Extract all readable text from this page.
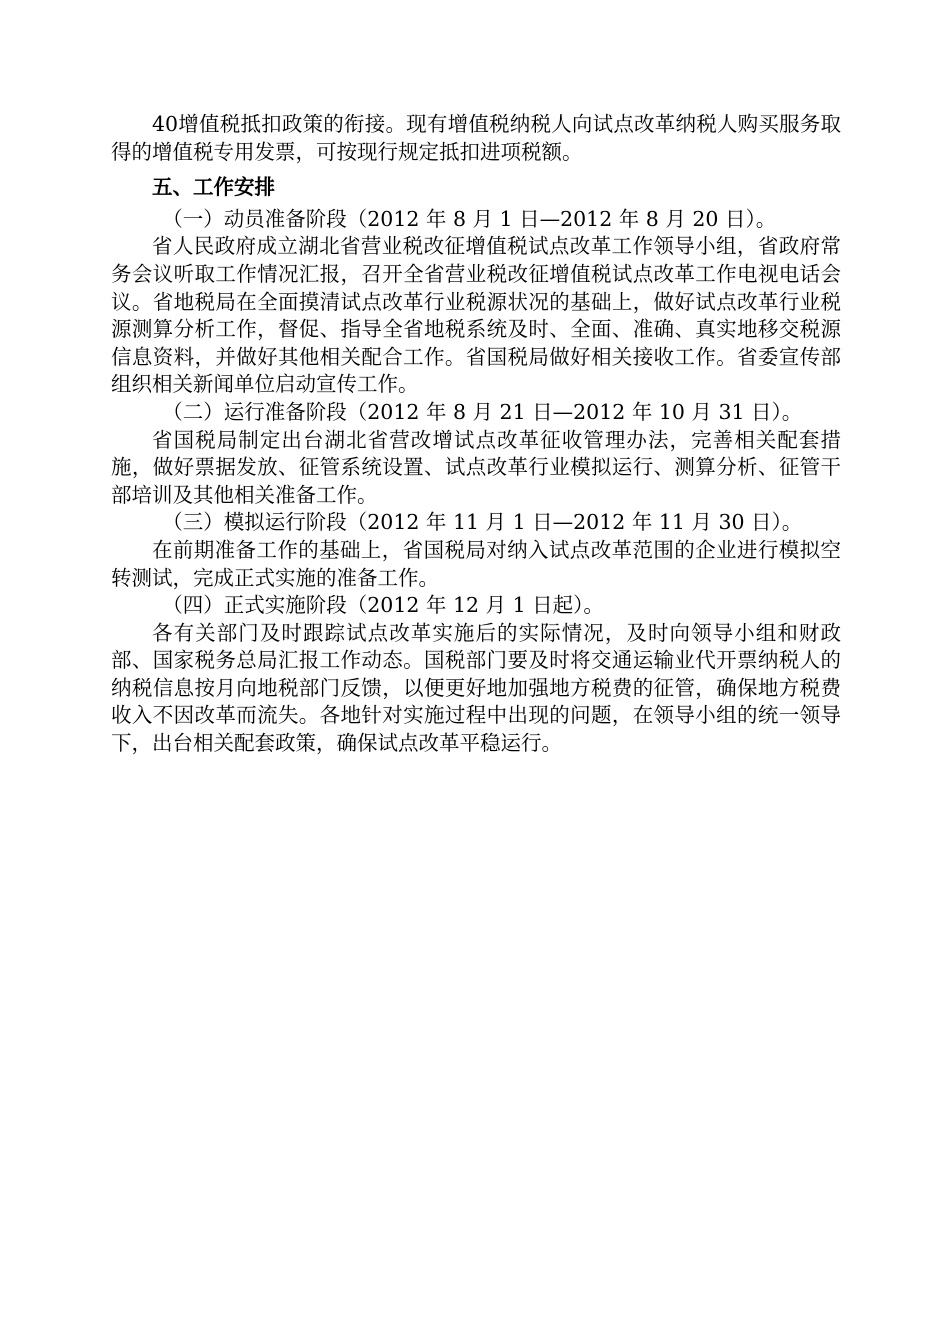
40增值税抵扣政策的衔接。现有增值税纳税人向试点改革纳税人购买服务取得的增值税专用发票，可按现行规定抵扣进项税额。

五、工作安排

（一）动员准备阶段（2012 年 8 月 1 日—2012 年 8 月 20 日）。

省人民政府成立湖北省营业税改征增值税试点改革工作领导小组，省政府常务会议听取工作情况汇报，召开全省营业税改征增值税试点改革工作电视电话会议。省地税局在全面摸清试点改革行业税源状况的基础上，做好试点改革行业税源测算分析工作，督促、指导全省地税系统及时、全面、准确、真实地移交税源信息资料，并做好其他相关配合工作。省国税局做好相关接收工作。省委宣传部组织相关新闻单位启动宣传工作。

（二）运行准备阶段（2012 年 8 月 21 日—2012 年 10 月 31 日）。

省国税局制定出台湖北省营改增试点改革征收管理办法，完善相关配套措施，做好票据发放、征管系统设置、试点改革行业模拟运行、测算分析、征管干部培训及其他相关准备工作。

（三）模拟运行阶段（2012 年 11 月 1 日—2012 年 11 月 30 日）。

在前期准备工作的基础上，省国税局对纳入试点改革范围的企业进行模拟空转测试，完成正式实施的准备工作。

（四）正式实施阶段（2012 年 12 月 1 日起）。

各有关部门及时跟踪试点改革实施后的实际情况，及时向领导小组和财政部、国家税务总局汇报工作动态。国税部门要及时将交通运输业代开票纳税人的纳税信息按月向地税部门反馈，以便更好地加强地方税费的征管，确保地方税费收入不因改革而流失。各地针对实施过程中出现的问题，在领导小组的统一领导下，出台相关配套政策，确保试点改革平稳运行。
